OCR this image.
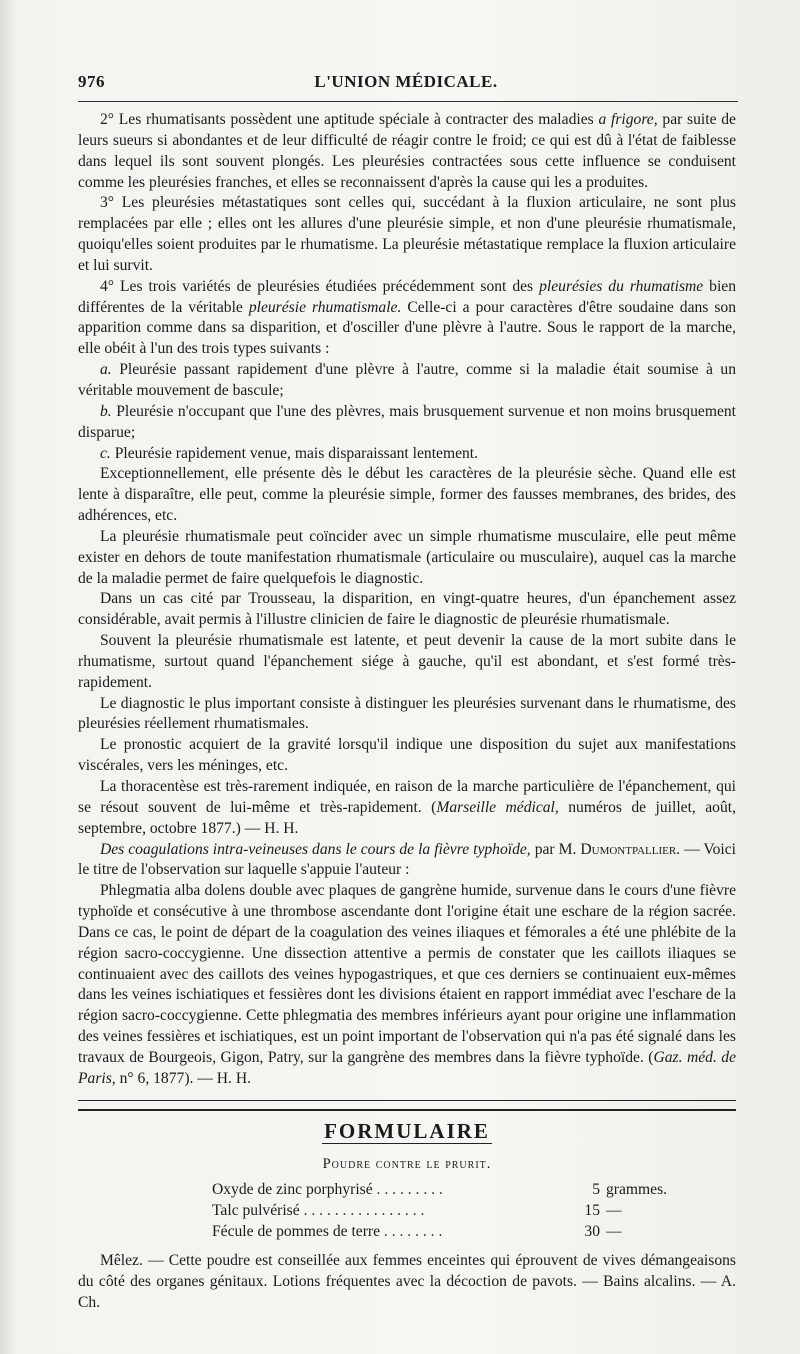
976	L'UNION MÉDICALE.

2° Les rhumatisants possèdent une aptitude spéciale à contracter des maladies a frigore, par suite de leurs sueurs si abondantes et de leur difficulté de réagir contre le froid; ce qui est dû à l'état de faiblesse dans lequel ils sont souvent plongés. Les pleurésies contractées sous cette influence se conduisent comme les pleurésies franches, et elles se reconnaissent d'après la cause qui les a produites.

3° Les pleurésies métastatiques sont celles qui, succédant à la fluxion articulaire, ne sont plus remplacées par elle ; elles ont les allures d'une pleurésie simple, et non d'une pleurésie rhumatismale, quoiqu'elles soient produites par le rhumatisme. La pleurésie métastatique remplace la fluxion articulaire et lui survit.

4° Les trois variétés de pleurésies étudiées précédemment sont des pleurésies du rhumatisme bien différentes de la véritable pleurésie rhumatismale. Celle-ci a pour caractères d'être soudaine dans son apparition comme dans sa disparition, et d'osciller d'une plèvre à l'autre. Sous le rapport de la marche, elle obéit à l'un des trois types suivants :

a. Pleurésie passant rapidement d'une plèvre à l'autre, comme si la maladie était soumise à un véritable mouvement de bascule;

b. Pleurésie n'occupant que l'une des plèvres, mais brusquement survenue et non moins brusquement disparue;

c. Pleurésie rapidement venue, mais disparaissant lentement.

Exceptionnellement, elle présente dès le début les caractères de la pleurésie sèche. Quand elle est lente à disparaître, elle peut, comme la pleurésie simple, former des fausses membranes, des brides, des adhérences, etc.

La pleurésie rhumatismale peut coïncider avec un simple rhumatisme musculaire, elle peut même exister en dehors de toute manifestation rhumatismale (articulaire ou musculaire), auquel cas la marche de la maladie permet de faire quelquefois le diagnostic.

Dans un cas cité par Trousseau, la disparition, en vingt-quatre heures, d'un épanchement assez considérable, avait permis à l'illustre clinicien de faire le diagnostic de pleurésie rhumatismale.

Souvent la pleurésie rhumatismale est latente, et peut devenir la cause de la mort subite dans le rhumatisme, surtout quand l'épanchement siége à gauche, qu'il est abondant, et s'est formé très-rapidement.

Le diagnostic le plus important consiste à distinguer les pleurésies survenant dans le rhumatisme, des pleurésies réellement rhumatismales.

Le pronostic acquiert de la gravité lorsqu'il indique une disposition du sujet aux manifestations viscérales, vers les méninges, etc.

La thoracentèse est très-rarement indiquée, en raison de la marche particulière de l'épanchement, qui se résout souvent de lui-même et très-rapidement. (Marseille médical, numéros de juillet, août, septembre, octobre 1877.) — H. H.

Des coagulations intra-veineuses dans le cours de la fièvre typhoïde, par M. Dumontpallier. — Voici le titre de l'observation sur laquelle s'appuie l'auteur :

Phlegmatia alba dolens double avec plaques de gangrène humide, survenue dans le cours d'une fièvre typhoïde et consécutive à une thrombose ascendante dont l'origine était une eschare de la région sacrée. Dans ce cas, le point de départ de la coagulation des veines iliaques et fémorales a été une phlébite de la région sacro-coccygienne. Une dissection attentive a permis de constater que les caillots iliaques se continuaient avec des caillots des veines hypogastriques, et que ces derniers se continuaient eux-mêmes dans les veines ischiatiques et fessières dont les divisions étaient en rapport immédiat avec l'eschare de la région sacro-coccygienne. Cette phlegmatia des membres inférieurs ayant pour origine une inflammation des veines fessières et ischiatiques, est un point important de l'observation qui n'a pas été signalé dans les travaux de Bourgeois, Gigon, Patry, sur la gangrène des membres dans la fièvre typhoïde. (Gaz. méd. de Paris, n° 6, 1877). — H. H.

FORMULAIRE
Poudre contre le prurit.
Oxyde de zinc porphyrisé . . . . . . . . .	5 grammes.
Talc pulvérisé . . . . . . . . . . . . . . . .	15 —
Fécule de pommes de terre . . . . . . . .	30 —

Mêlez. — Cette poudre est conseillée aux femmes enceintes qui éprouvent de vives démangeaisons du côté des organes génitaux. Lotions fréquentes avec la décoction de pavots. — Bains alcalins. — A. Ch.
